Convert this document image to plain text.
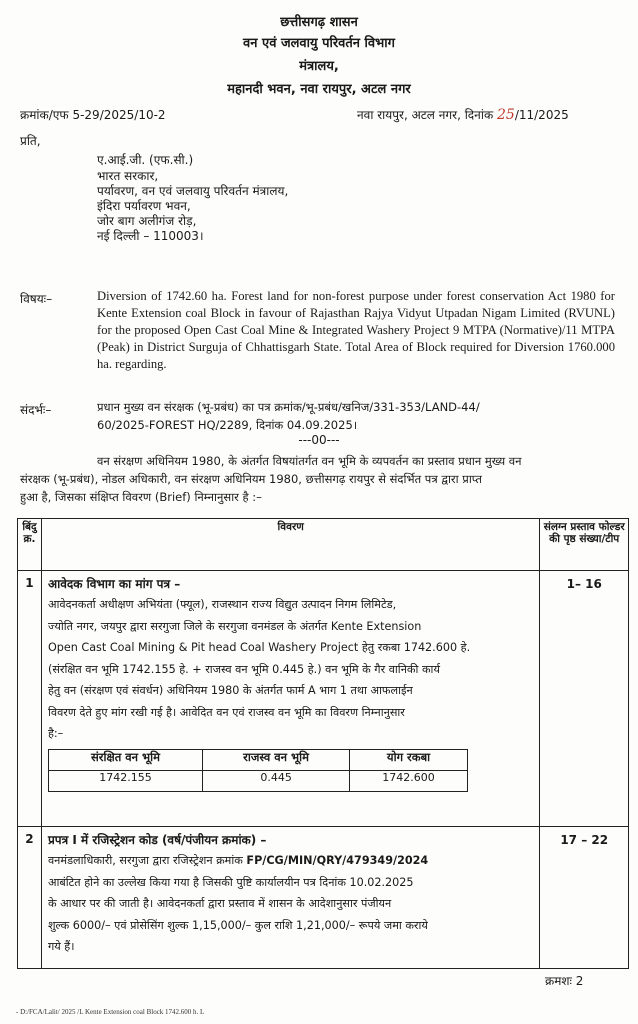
छत्तीसगढ़ शासन
वन एवं जलवायु परिवर्तन विभाग
मंत्रालय,
महानदी भवन, नवा रायपुर, अटल नगर
क्रमांक/एफ 5-29/2025/10-2	नवा रायपुर, अटल नगर, दिनांक 25/11/2025
प्रति,
ए.आई.जी. (एफ.सी.)
भारत सरकार,
पर्यावरण, वन एवं जलवायु परिवर्तन मंत्रालय,
इंदिरा पर्यावरण भवन,
जोर बाग अलीगंज रोड़,
नई दिल्ली – 110003।
विषयः–	Diversion of 1742.60 ha. Forest land for non-forest purpose under forest conservation Act 1980 for Kente Extension coal Block in favour of Rajasthan Rajya Vidyut Utpadan Nigam Limited (RVUNL) for the proposed Open Cast Coal Mine & Integrated Washery Project 9 MTPA (Normative)/11 MTPA (Peak) in District Surguja of Chhattisgarh State. Total Area of Block required for Diversion 1760.000 ha. regarding.
संदर्भः–	प्रधान मुख्य वन संरक्षक (भू-प्रबंध) का पत्र क्रमांक/भू-प्रबंध/खनिज/331-353/LAND-44/
60/2025-FOREST HQ/2289, दिनांक 04.09.2025।
---00---
वन संरक्षण अधिनियम 1980, के अंतर्गत विषयांतर्गत वन भूमि के व्यपवर्तन का प्रस्ताव प्रधान मुख्य वन
संरक्षक (भू-प्रबंध), नोडल अधिकारी, वन संरक्षण अधिनियम 1980, छत्तीसगढ़ रायपुर से संदर्भित पत्र द्वारा प्राप्त
हुआ है, जिसका संक्षिप्त विवरण (Brief) निम्नानुसार है :–
बिंदु क्र.	विवरण	संलग्न प्रस्ताव फोल्डर की पृष्ठ संख्या/टीप
1	आवेदक विभाग का मांग पत्र –
आवेदनकर्ता अधीक्षण अभियंता (फ्यूल), राजस्थान राज्य विद्युत उत्पादन निगम लिमिटेड,
ज्योति नगर, जयपुर द्वारा सरगुजा जिले के सरगुजा वनमंडल के अंतर्गत Kente Extension
Open Cast Coal Mining & Pit head Coal Washery Project हेतु रकबा 1742.600 हे.
(संरक्षित वन भूमि 1742.155 हे. + राजस्व वन भूमि 0.445 हे.) वन भूमि के गैर वानिकी कार्य
हेतु वन (संरक्षण एवं संवर्धन) अधिनियम 1980 के अंतर्गत फार्म A भाग 1 तथा आफलाईन
विवरण देते हुए मांग रखी गई है। आवेदित वन एवं राजस्व वन भूमि का विवरण निम्नानुसार
है:–
संरक्षित वन भूमि	राजस्व वन भूमि	योग रकबा
1742.155	0.445	1742.600
	1– 16
2	प्रपत्र I में रजिस्ट्रेशन कोड (वर्ष/पंजीयन क्रमांक) –
वनमंडलाधिकारी, सरगुजा द्वारा रजिस्ट्रेशन क्रमांक FP/CG/MIN/QRY/479349/2024
आबंटित होने का उल्लेख किया गया है जिसकी पुष्टि कार्यालयीन पत्र दिनांक 10.02.2025
के आधार पर की जाती है। आवेदनकर्ता द्वारा प्रस्ताव में शासन के आदेशानुसार पंजीयन
शुल्क 6000/– एवं प्रोसेसिंग शुल्क 1,15,000/– कुल राशि 1,21,000/– रूपये जमा कराये
गये हैं।
	17 – 22
क्रमशः 2
- D:/FCA/Lalit/ 2025 /L Kente Extension coal Block 1742.600 h. L
